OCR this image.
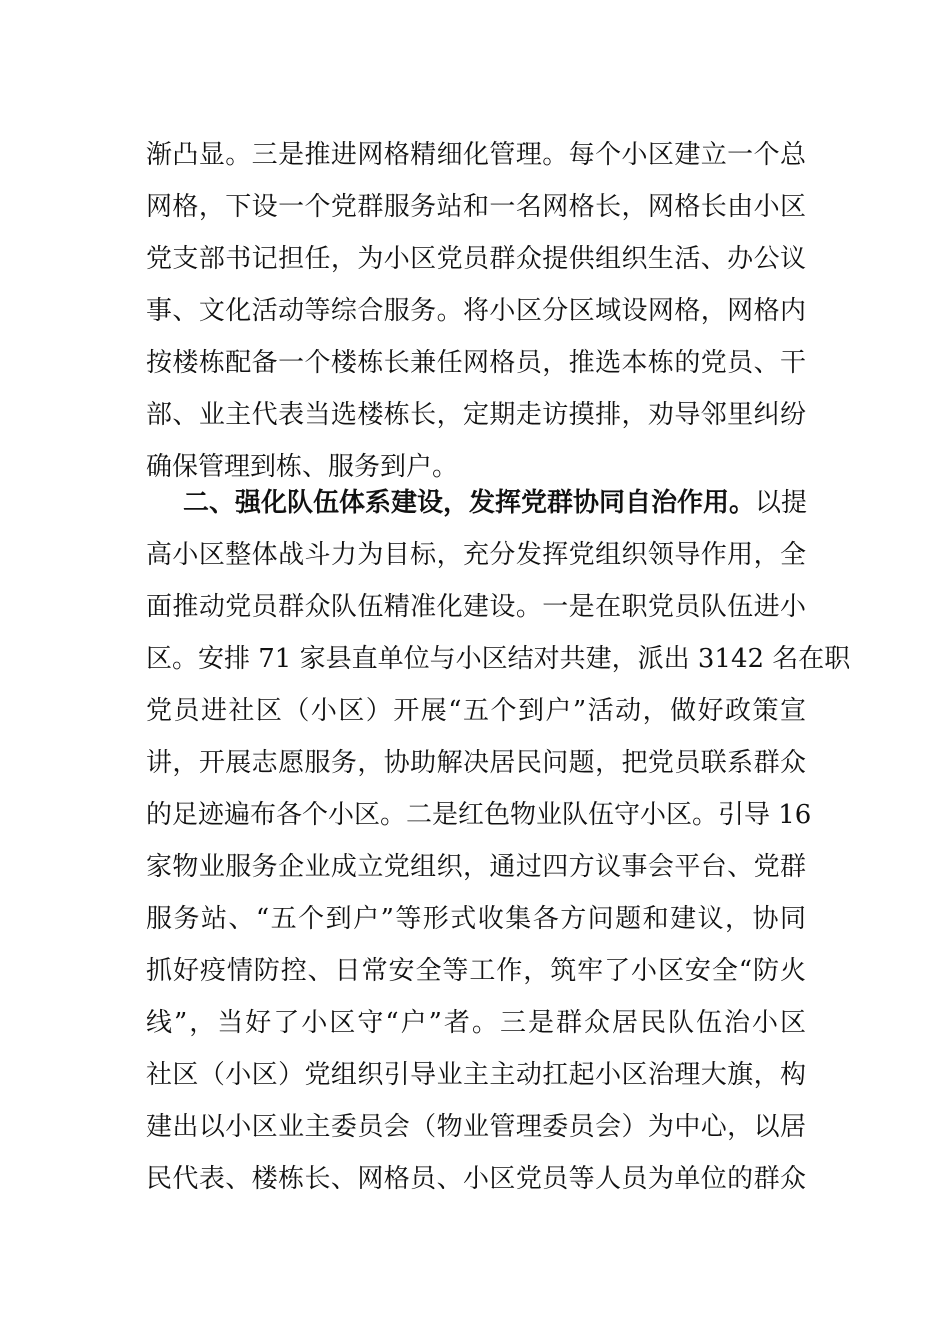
渐凸显。三是推进网格精细化管理。每个小区建立一个总
网格，下设一个党群服务站和一名网格长，网格长由小区
党支部书记担任，为小区党员群众提供组织生活、办公议
事、文化活动等综合服务。将小区分区域设网格，网格内
按楼栋配备一个楼栋长兼任网格员，推选本栋的党员、干
部、业主代表当选楼栋长，定期走访摸排，劝导邻里纠纷
确保管理到栋、服务到户。
二、强化队伍体系建设，发挥党群协同自治作用。以提
高小区整体战斗力为目标，充分发挥党组织领导作用，全
面推动党员群众队伍精准化建设。一是在职党员队伍进小
区。安排 71 家县直单位与小区结对共建，派出 3142 名在职
党员进社区（小区）开展“五个到户”活动，做好政策宣
讲，开展志愿服务，协助解决居民问题，把党员联系群众
的足迹遍布各个小区。二是红色物业队伍守小区。引导 16
家物业服务企业成立党组织，通过四方议事会平台、党群
服务站、“五个到户”等形式收集各方问题和建议，协同
抓好疫情防控、日常安全等工作，筑牢了小区安全“防火
线”，当好了小区守“户”者。三是群众居民队伍治小区
社区（小区）党组织引导业主主动扛起小区治理大旗，构
建出以小区业主委员会（物业管理委员会）为中心，以居
民代表、楼栋长、网格员、小区党员等人员为单位的群众
